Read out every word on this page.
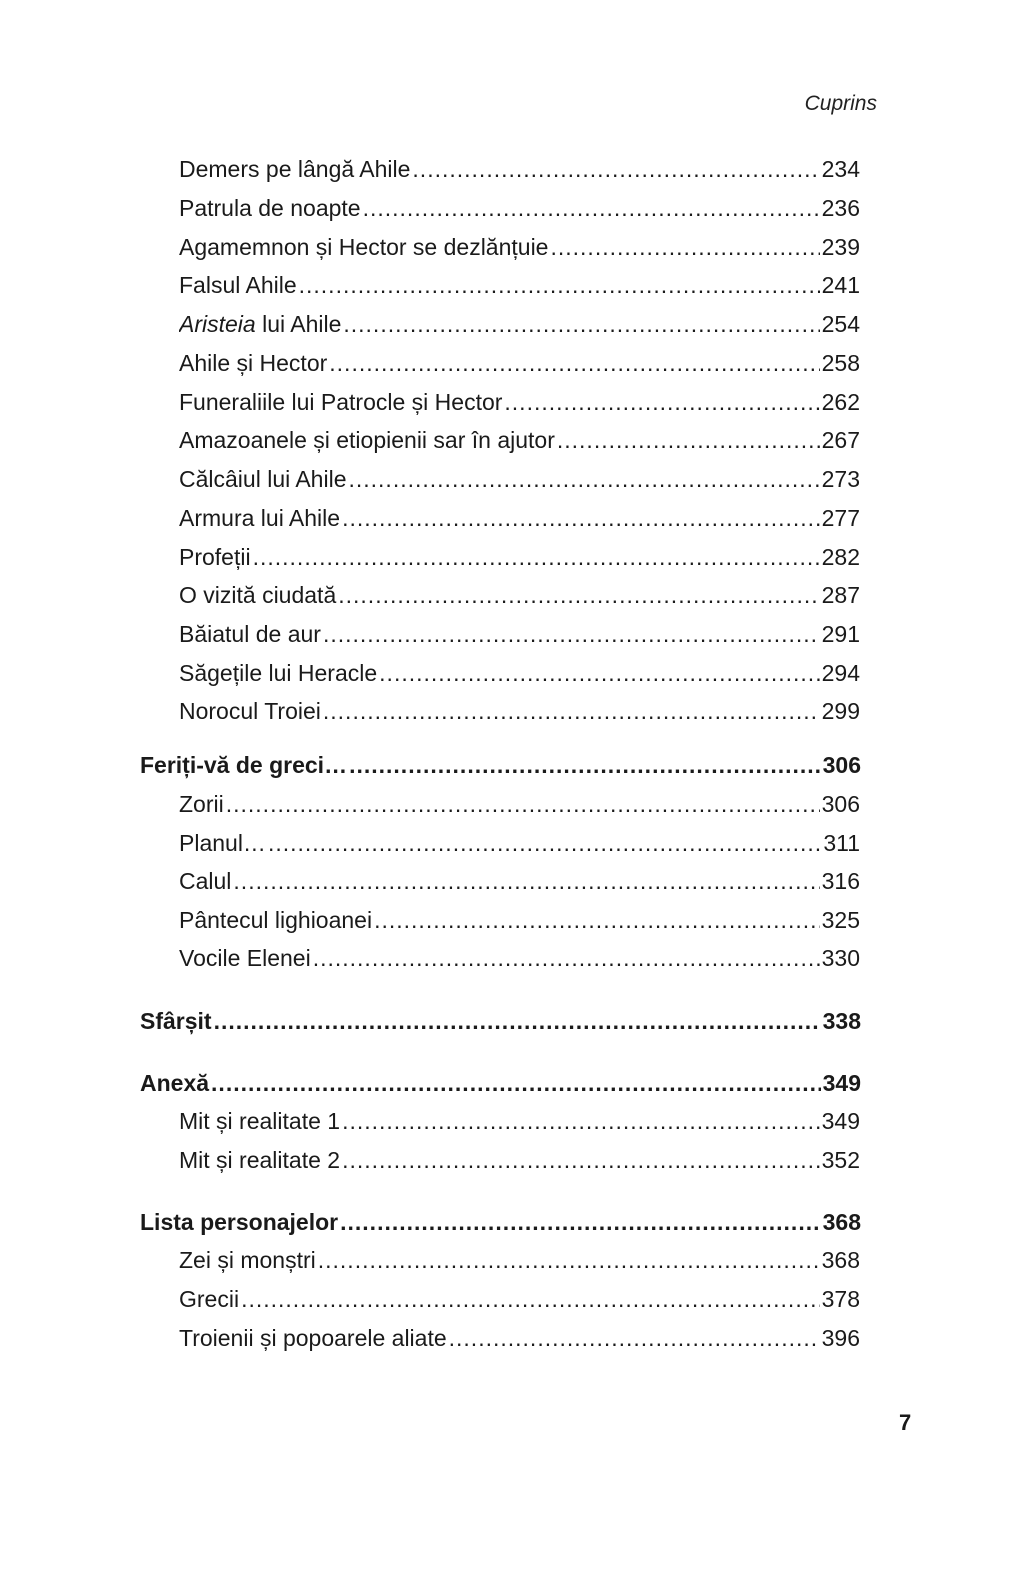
Cuprins
Demers pe lângă Ahile .....	234
Patrula de noapte .....	236
Agamemnon și Hector se dezlănțuie .....	239
Falsul Ahile .....	241
Aristeia lui Ahile .....	254
Ahile și Hector .....	258
Funeraliile lui Patrocle și Hector .....	262
Amazoanele și etiopienii sar în ajutor .....	267
Călcâiul lui Ahile .....	273
Armura lui Ahile .....	277
Profeții .....	282
O vizită ciudată .....	287
Băiatul de aur .....	291
Săgețile lui Heracle .....	294
Norocul Troiei .....	299
Feriți-vă de greci… .....	306
Zorii .....	306
Planul… .....	311
Calul .....	316
Pântecul lighioanei .....	325
Vocile Elenei .....	330
Sfârșit .....	338
Anexă .....	349
Mit și realitate 1 .....	349
Mit și realitate 2 .....	352
Lista personajelor .....	368
Zei și monștri .....	368
Grecii .....	378
Troienii și popoarele aliate .....	396
7
